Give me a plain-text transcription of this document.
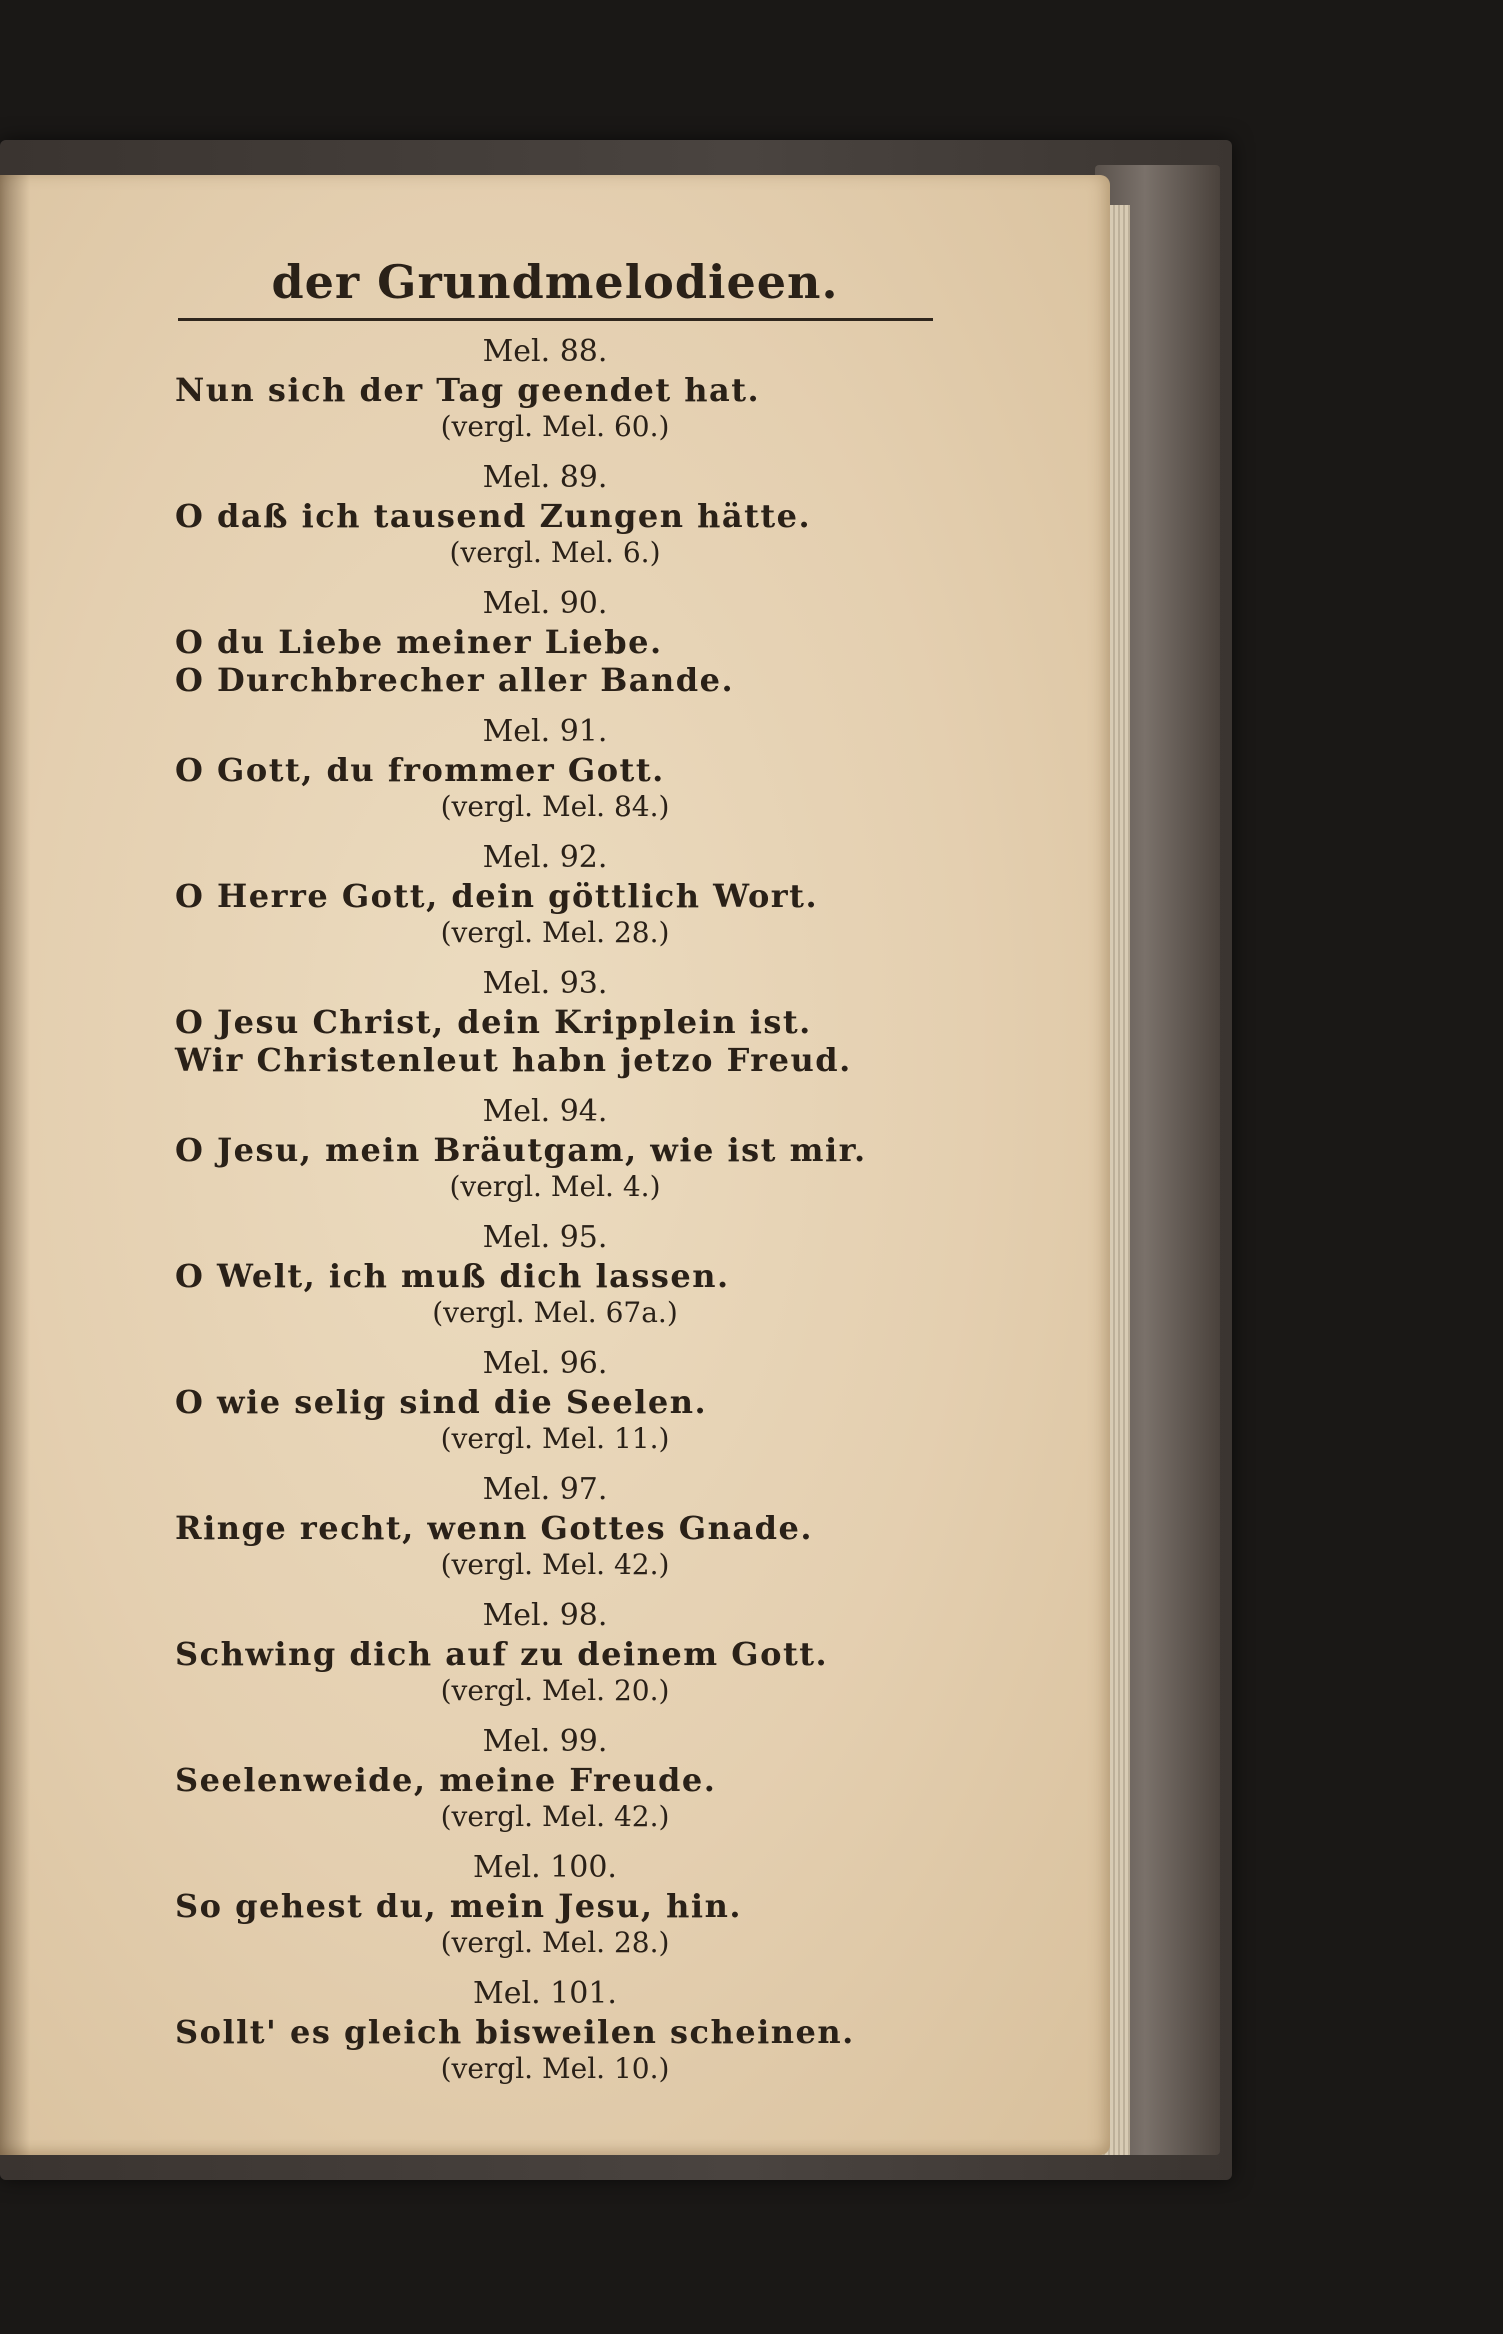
der Grundmelodieen.
Mel. 88.
Nun sich der Tag geendet hat.
(vergl. Mel. 60.)
Mel. 89.
O daß ich tausend Zungen hätte.
(vergl. Mel. 6.)
Mel. 90.
O du Liebe meiner Liebe.
O Durchbrecher aller Bande.
Mel. 91.
O Gott, du frommer Gott.
(vergl. Mel. 84.)
Mel. 92.
O Herre Gott, dein göttlich Wort.
(vergl. Mel. 28.)
Mel. 93.
O Jesu Christ, dein Kripplein ist.
Wir Christenleut habn jetzo Freud.
Mel. 94.
O Jesu, mein Bräutgam, wie ist mir.
(vergl. Mel. 4.)
Mel. 95.
O Welt, ich muß dich lassen.
(vergl. Mel. 67a.)
Mel. 96.
O wie selig sind die Seelen.
(vergl. Mel. 11.)
Mel. 97.
Ringe recht, wenn Gottes Gnade.
(vergl. Mel. 42.)
Mel. 98.
Schwing dich auf zu deinem Gott.
(vergl. Mel. 20.)
Mel. 99.
Seelenweide, meine Freude.
(vergl. Mel. 42.)
Mel. 100.
So gehest du, mein Jesu, hin.
(vergl. Mel. 28.)
Mel. 101.
Sollt' es gleich bisweilen scheinen.
(vergl. Mel. 10.)
